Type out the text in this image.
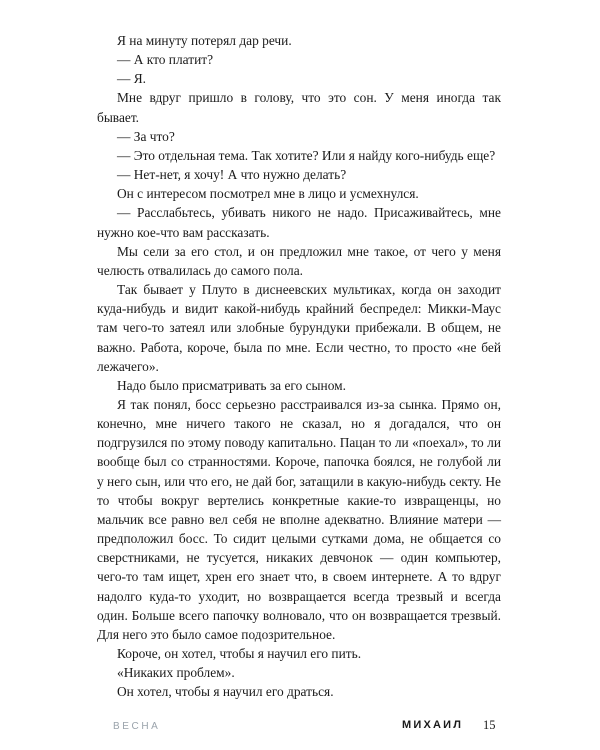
Я на минуту потерял дар речи.

— А кто платит?

— Я.

Мне вдруг пришло в голову, что это сон. У меня иногда так бывает.

— За что?

— Это отдельная тема. Так хотите? Или я найду кого-нибудь еще?

— Нет-нет, я хочу! А что нужно делать?

Он с интересом посмотрел мне в лицо и усмехнулся.

— Расслабьтесь, убивать никого не надо. Присаживайтесь, мне нужно кое-что вам рассказать.

Мы сели за его стол, и он предложил мне такое, от чего у меня челюсть отвалилась до самого пола.

Так бывает у Плуто в диснеевских мультиках, когда он заходит куда-нибудь и видит какой-нибудь крайний беспредел: Микки-Маус там чего-то затеял или злобные бурундуки прибежали. В общем, не важно. Работа, короче, была по мне. Если честно, то просто «не бей лежачего».

Надо было присматривать за его сыном.

Я так понял, босс серьезно расстраивался из-за сынка. Прямо он, конечно, мне ничего такого не сказал, но я догадался, что он подгрузился по этому поводу капитально. Пацан то ли «поехал», то ли вообще был со странностями. Короче, папочка боялся, не голубой ли у него сын, или что его, не дай бог, затащили в какую-нибудь секту. Не то чтобы вокруг вертелись конкретные какие-то извращенцы, но мальчик все равно вел себя не вполне адекватно. Влияние матери — предположил босс. То сидит целыми сутками дома, не общается со сверстниками, не тусуется, никаких девчонок — один компьютер, чего-то там ищет, хрен его знает что, в своем интернете. А то вдруг надолго куда-то уходит, но возвращается всегда трезвый и всегда один. Больше всего папочку волновало, что он возвращается трезвый. Для него это было самое подозрительное.

Короче, он хотел, чтобы я научил его пить.

«Никаких проблем».

Он хотел, чтобы я научил его драться.

ВЕСНА	МИХАИЛ 15
